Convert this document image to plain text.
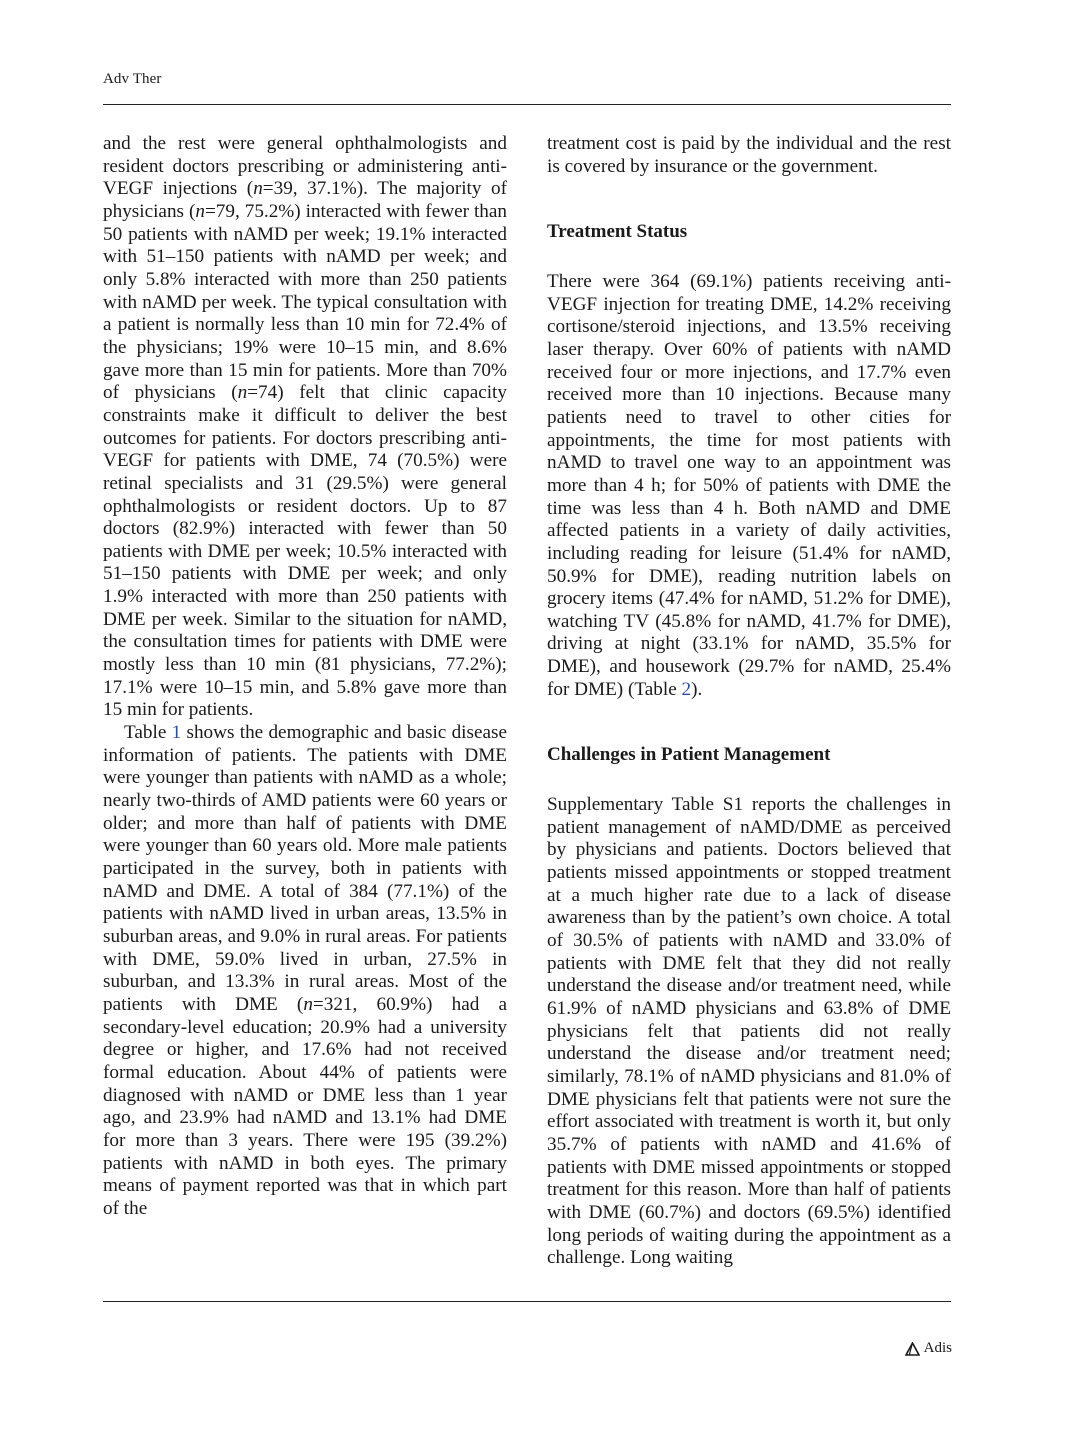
Adv Ther

and the rest were general ophthalmologists and resident doctors prescribing or administering anti-VEGF injections (n=39, 37.1%). The majority of physicians (n=79, 75.2%) interacted with fewer than 50 patients with nAMD per week; 19.1% interacted with 51–150 patients with nAMD per week; and only 5.8% interacted with more than 250 patients with nAMD per week. The typical consultation with a patient is normally less than 10 min for 72.4% of the physicians; 19% were 10–15 min, and 8.6% gave more than 15 min for patients. More than 70% of physicians (n=74) felt that clinic capacity constraints make it difficult to deliver the best outcomes for patients. For doctors prescribing anti-VEGF for patients with DME, 74 (70.5%) were retinal specialists and 31 (29.5%) were general ophthalmologists or resident doctors. Up to 87 doctors (82.9%) interacted with fewer than 50 patients with DME per week; 10.5% interacted with 51–150 patients with DME per week; and only 1.9% interacted with more than 250 patients with DME per week. Similar to the situation for nAMD, the consultation times for patients with DME were mostly less than 10 min (81 physicians, 77.2%); 17.1% were 10–15 min, and 5.8% gave more than 15 min for patients.

Table 1 shows the demographic and basic disease information of patients. The patients with DME were younger than patients with nAMD as a whole; nearly two-thirds of AMD patients were 60 years or older; and more than half of patients with DME were younger than 60 years old. More male patients participated in the survey, both in patients with nAMD and DME. A total of 384 (77.1%) of the patients with nAMD lived in urban areas, 13.5% in suburban areas, and 9.0% in rural areas. For patients with DME, 59.0% lived in urban, 27.5% in suburban, and 13.3% in rural areas. Most of the patients with DME (n=321, 60.9%) had a secondary-level education; 20.9% had a university degree or higher, and 17.6% had not received formal education. About 44% of patients were diagnosed with nAMD or DME less than 1 year ago, and 23.9% had nAMD and 13.1% had DME for more than 3 years. There were 195 (39.2%) patients with nAMD in both eyes. The primary means of payment reported was that in which part of the

treatment cost is paid by the individual and the rest is covered by insurance or the government.

Treatment Status

There were 364 (69.1%) patients receiving anti-VEGF injection for treating DME, 14.2% receiving cortisone/steroid injections, and 13.5% receiving laser therapy. Over 60% of patients with nAMD received four or more injections, and 17.7% even received more than 10 injections. Because many patients need to travel to other cities for appointments, the time for most patients with nAMD to travel one way to an appointment was more than 4 h; for 50% of patients with DME the time was less than 4 h. Both nAMD and DME affected patients in a variety of daily activities, including reading for leisure (51.4% for nAMD, 50.9% for DME), reading nutrition labels on grocery items (47.4% for nAMD, 51.2% for DME), watching TV (45.8% for nAMD, 41.7% for DME), driving at night (33.1% for nAMD, 35.5% for DME), and housework (29.7% for nAMD, 25.4% for DME) (Table 2).

Challenges in Patient Management

Supplementary Table S1 reports the challenges in patient management of nAMD/DME as perceived by physicians and patients. Doctors believed that patients missed appointments or stopped treatment at a much higher rate due to a lack of disease awareness than by the patient’s own choice. A total of 30.5% of patients with nAMD and 33.0% of patients with DME felt that they did not really understand the disease and/or treatment need, while 61.9% of nAMD physicians and 63.8% of DME physicians felt that patients did not really understand the disease and/or treatment need; similarly, 78.1% of nAMD physicians and 81.0% of DME physicians felt that patients were not sure the effort associated with treatment is worth it, but only 35.7% of patients with nAMD and 41.6% of patients with DME missed appointments or stopped treatment for this reason. More than half of patients with DME (60.7%) and doctors (69.5%) identified long periods of waiting during the appointment as a challenge. Long waiting

Adis
